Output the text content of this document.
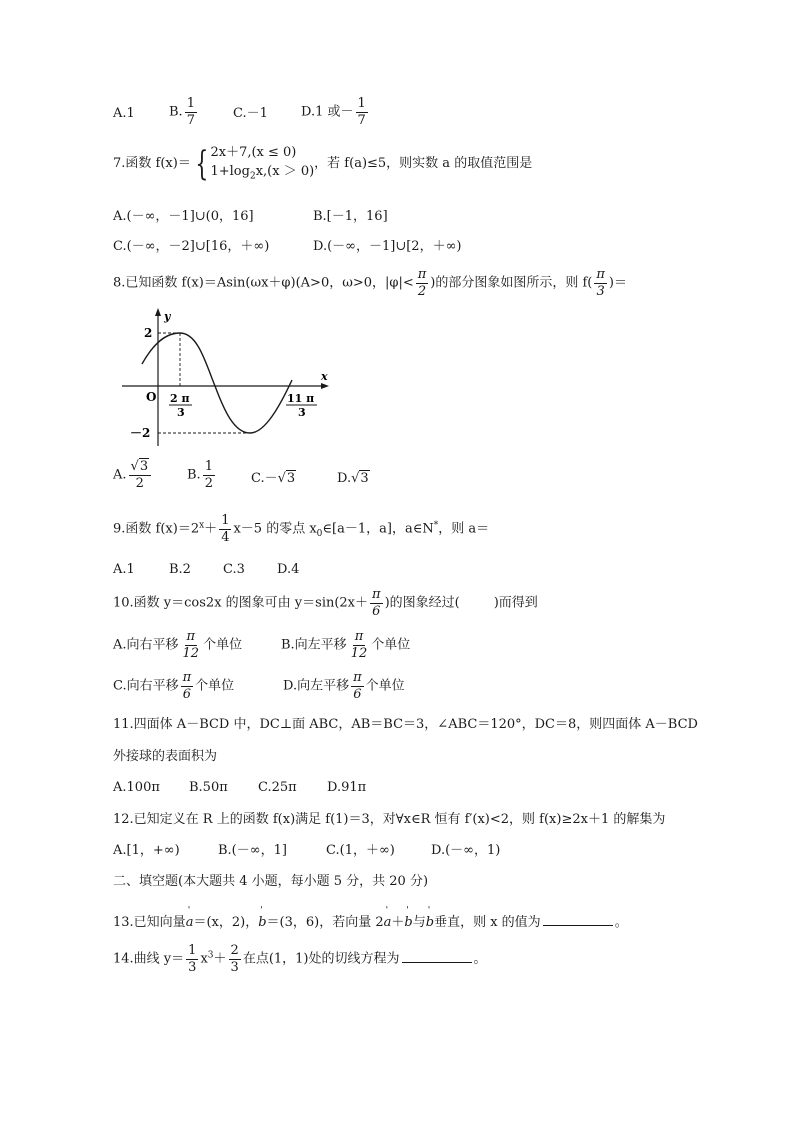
A.1	B. $\frac{1}{7}$	C.－1	D.1 或－ $\frac{1}{7}$
7.函数 f(x)＝ { 2x＋7,(x ≤ 0)
$1+\log_2x,(x > 0)$
，若 f(a)≤5，则实数 a 的取值范围是
A.(－∞，－1]∪(0，16]	B.[－1，16]
C.(－∞，－2]∪[16，＋∞)	D.(－∞，－1]∪[2，＋∞)
8.已知函数 f(x)＝Asin(ωx＋φ)(A>0，ω>0，$|\varphi|< \frac{\pi}{2}$ )的部分图象如图所示，则 $f( \frac{\pi}{3}$ )＝
y
x
O
2
－2
2 π
3
11 π
3
A. $\frac{√3}{2}$	B. $\frac{1}{2}$	C.－√3	D.√3
9.函数 $f(x)=2^x+ \frac{1}{4} x-5$ 的零点 $x_0\in[a-1$，a]，a∈N*，则 a＝
A.1	B.2 C.3 D.4
10.函数 y＝cos2x 的图象可由 $y=\sin(2x+ \frac{\pi}{6}$ )的图象经过(	)而得到
A.向右平移 $\frac{\pi}{12}$ 个单位	B.向左平移 $\frac{\pi}{12}$ 个单位
C.向右平移 $\frac{\pi}{6}$ 个单位	D.向左平移 $\frac{\pi}{6}$ 个单位
11.四面体 A－BCD 中，DC⊥面 ABC，AB＝BC＝3，∠ABC＝120°，DC＝8，则四面体 A－BCD
外接球的表面积为
A.100π B.50π C.25π D.91π
12.已知定义在 R 上的函数 f(x)满足 f(1)＝3，对∀x∈R 恒有 f′(x)<2，则 f(x)≥2x＋1 的解集为
A.[1，+∞)	B.(－∞，1]	C.(1，＋∞)	D.(－∞，1)
二、填空题(本大题共 4 小题，每小题 5 分，共 20 分)
13.已知向量' a＝(x，2)，' b＝(3，6)，若向量 2' a＋' b与' b垂直，则 x 的值为	。
14.曲线 $y= \frac{1}{3} x^3+ \frac{2}{3}$ 在点(1，1)处的切线方程为	。
